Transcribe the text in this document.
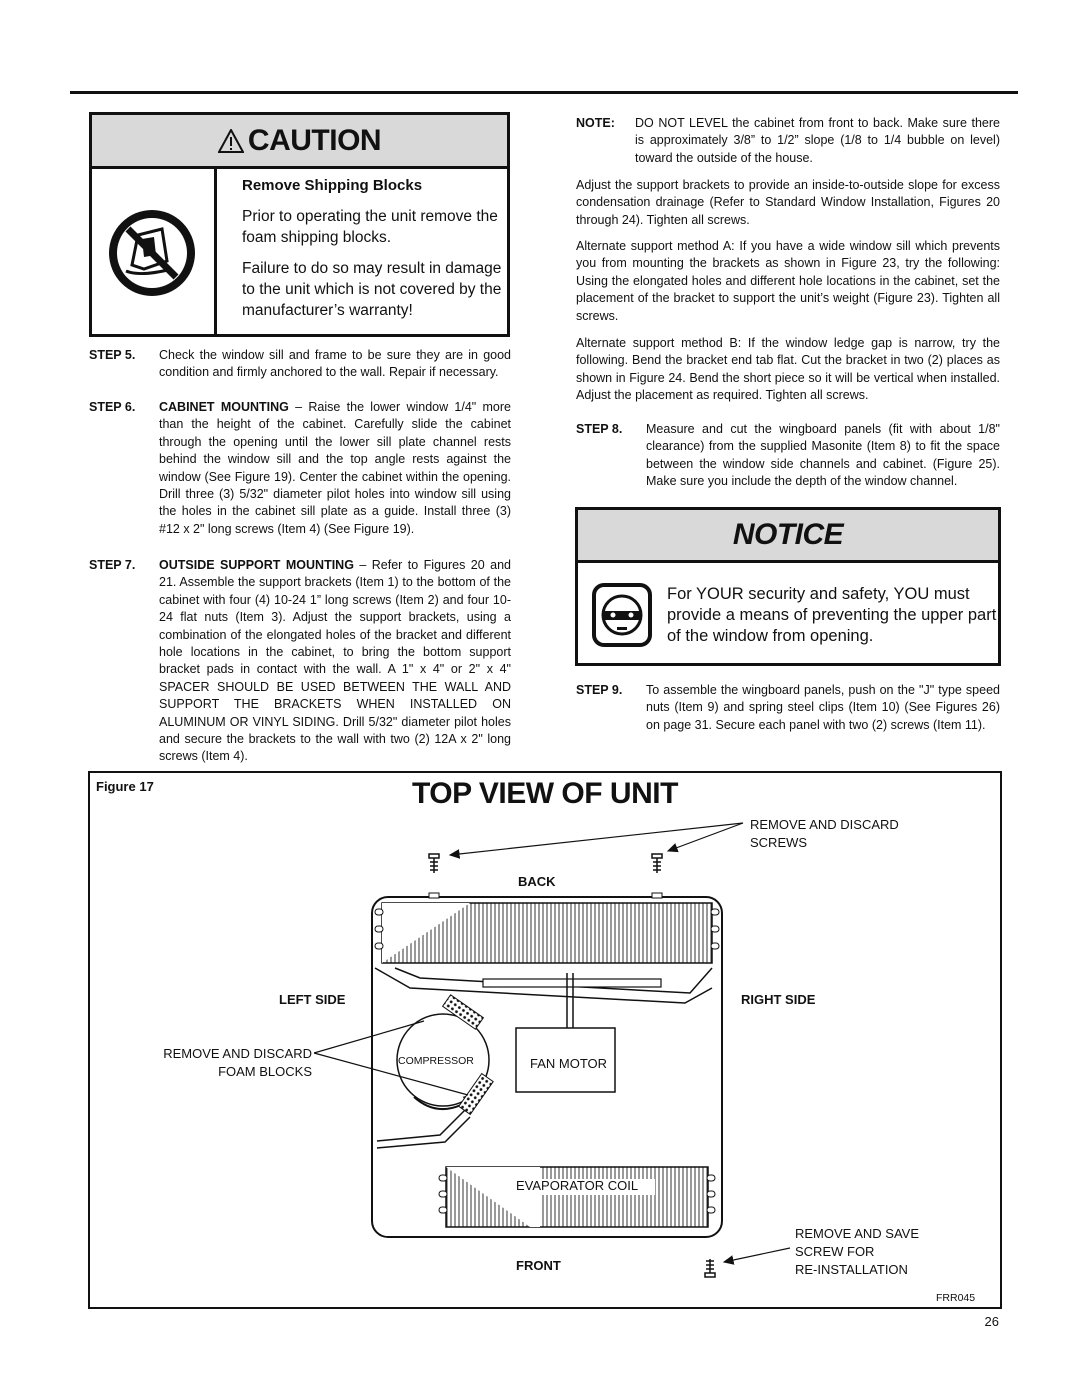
CAUTION

Remove Shipping Blocks

Prior to operating the unit remove the foam shipping blocks.

Failure to do so may result in damage to the unit which is not covered by the manufacturer’s warranty!

STEP 5. Check the window sill and frame to be sure they are in good condition and firmly anchored to the wall. Repair if necessary.
STEP 6. CABINET MOUNTING – Raise the lower window 1/4" more than the height of the cabinet. Carefully slide the cabinet through the opening until the lower sill plate channel rests behind the window sill and the top angle rests against the window (See Figure 19). Center the cabinet within the opening. Drill three (3) 5/32" diameter pilot holes into window sill using the holes in the cabinet sill plate as a guide. Install three (3) #12 x 2" long screws (Item 4) (See Figure 19).
STEP 7. OUTSIDE SUPPORT MOUNTING – Refer to Figures 20 and 21. Assemble the support brackets (Item 1) to the bottom of the cabinet with four (4) 10-24 1” long screws (Item 2) and four 10-24 flat nuts (Item 3). Adjust the support brackets, using a combination of the elongated holes of the bracket and different hole locations in the cabinet, to bring the bottom support bracket pads in contact with the wall. A 1" x 4" or 2" x 4" SPACER SHOULD BE USED BETWEEN THE WALL AND SUPPORT THE BRACKETS WHEN INSTALLED ON ALUMINUM OR VINYL SIDING. Drill 5/32" diameter pilot holes and secure the brackets to the wall with two (2) 12A x 2" long screws (Item 4).
NOTE: DO NOT LEVEL the cabinet from front to back. Make sure there is approximately 3/8” to 1/2” slope (1/8 to 1/4 bubble on level) toward the outside of the house.
Adjust the support brackets to provide an inside-to-outside slope for excess condensation drainage (Refer to Standard Window Installation, Figures 20 through 24). Tighten all screws.
Alternate support method A: If you have a wide window sill which prevents you from mounting the brackets as shown in Figure 23, try the following: Using the elongated holes and different hole locations in the cabinet, set the placement of the bracket to support the unit’s weight (Figure 23). Tighten all screws.
Alternate support method B: If the window ledge gap is narrow, try the following. Bend the bracket end tab flat. Cut the bracket in two (2) places as shown in Figure 24. Bend the short piece so it will be vertical when installed. Adjust the placement as required. Tighten all screws.
STEP 8. Measure and cut the wingboard panels (fit with about 1/8" clearance) from the supplied Masonite (Item 8) to fit the space between the window side channels and cabinet. (Figure 25). Make sure you include the depth of the window channel.
NOTICE
For YOUR security and safety, YOU must provide a means of preventing the upper part of the window from opening.
STEP 9. To assemble the wingboard panels, push on the "J" type speed nuts (Item 9) and spring steel clips (Item 10) (See Figures 26) on page 31. Secure each panel with two (2) screws (Item 11).
Figure 17	TOP VIEW OF UNIT
REMOVE AND DISCARD
SCREWS
BACK
LEFT SIDE	RIGHT SIDE
REMOVE AND DISCARD
FOAM BLOCKS
COMPRESSOR	FAN MOTOR
EVAPORATOR COIL
FRONT
REMOVE AND SAVE
SCREW FOR
RE-INSTALLATION
FRR045
26
